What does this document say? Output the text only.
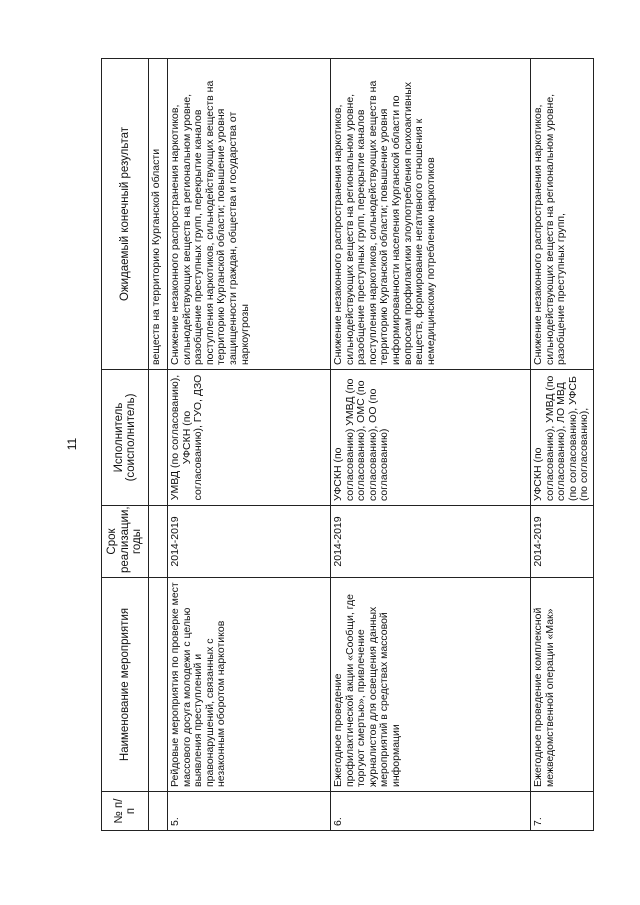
11
№ п/п	Наименование мероприятия	Срок реализации, годы	Исполнитель (соисполнитель)	Ожидаемый конечный результат
				веществ на территорию Курганской области
5.	Рейдовые мероприятия по проверке мест массового досуга молодежи с целью выявления преступлений и правонарушений, связанных с незаконным оборотом наркотиков	2014-2019	УМВД (по согласованию), УФСКН (по согласованию), ГУО, ДЗО	Снижение незаконного распространения наркотиков, сильнодействующих веществ на региональном уровне, разобщение преступных групп, перекрытие каналов поступления наркотиков, сильнодействующих веществ на территорию Курганской области; повышение уровня защищенности граждан, общества и государства от наркоугрозы
6.	Ежегодное проведение профилактической акции «Сообщи, где торгуют смертью», привлечение журналистов для освещения данных мероприятий в средствах массовой информации	2014-2019	УФСКН (по согласованию) УМВД (по согласованию), ОМС (по согласованию), ОО (по согласованию)	Снижение незаконного распространения наркотиков, сильнодействующих веществ на региональном уровне, разобщение преступных групп, перекрытие каналов поступления наркотиков, сильнодействующих веществ на территорию Курганской области; повышение уровня информированности населения Курганской области по вопросам профилактики злоупотребления психоактивных веществ, формирование негативного отношения к немедицинскому потреблению наркотиков
7.	Ежегодное проведение комплексной межведомственной операции «Мак»	2014-2019	УФСКН (по согласованию), УМВД (по согласованию), ЛО МВД (по согласованию), УФСБ (по согласованию),	Снижение незаконного распространения наркотиков, сильнодействующих веществ на региональном уровне, разобщение преступных групп,
